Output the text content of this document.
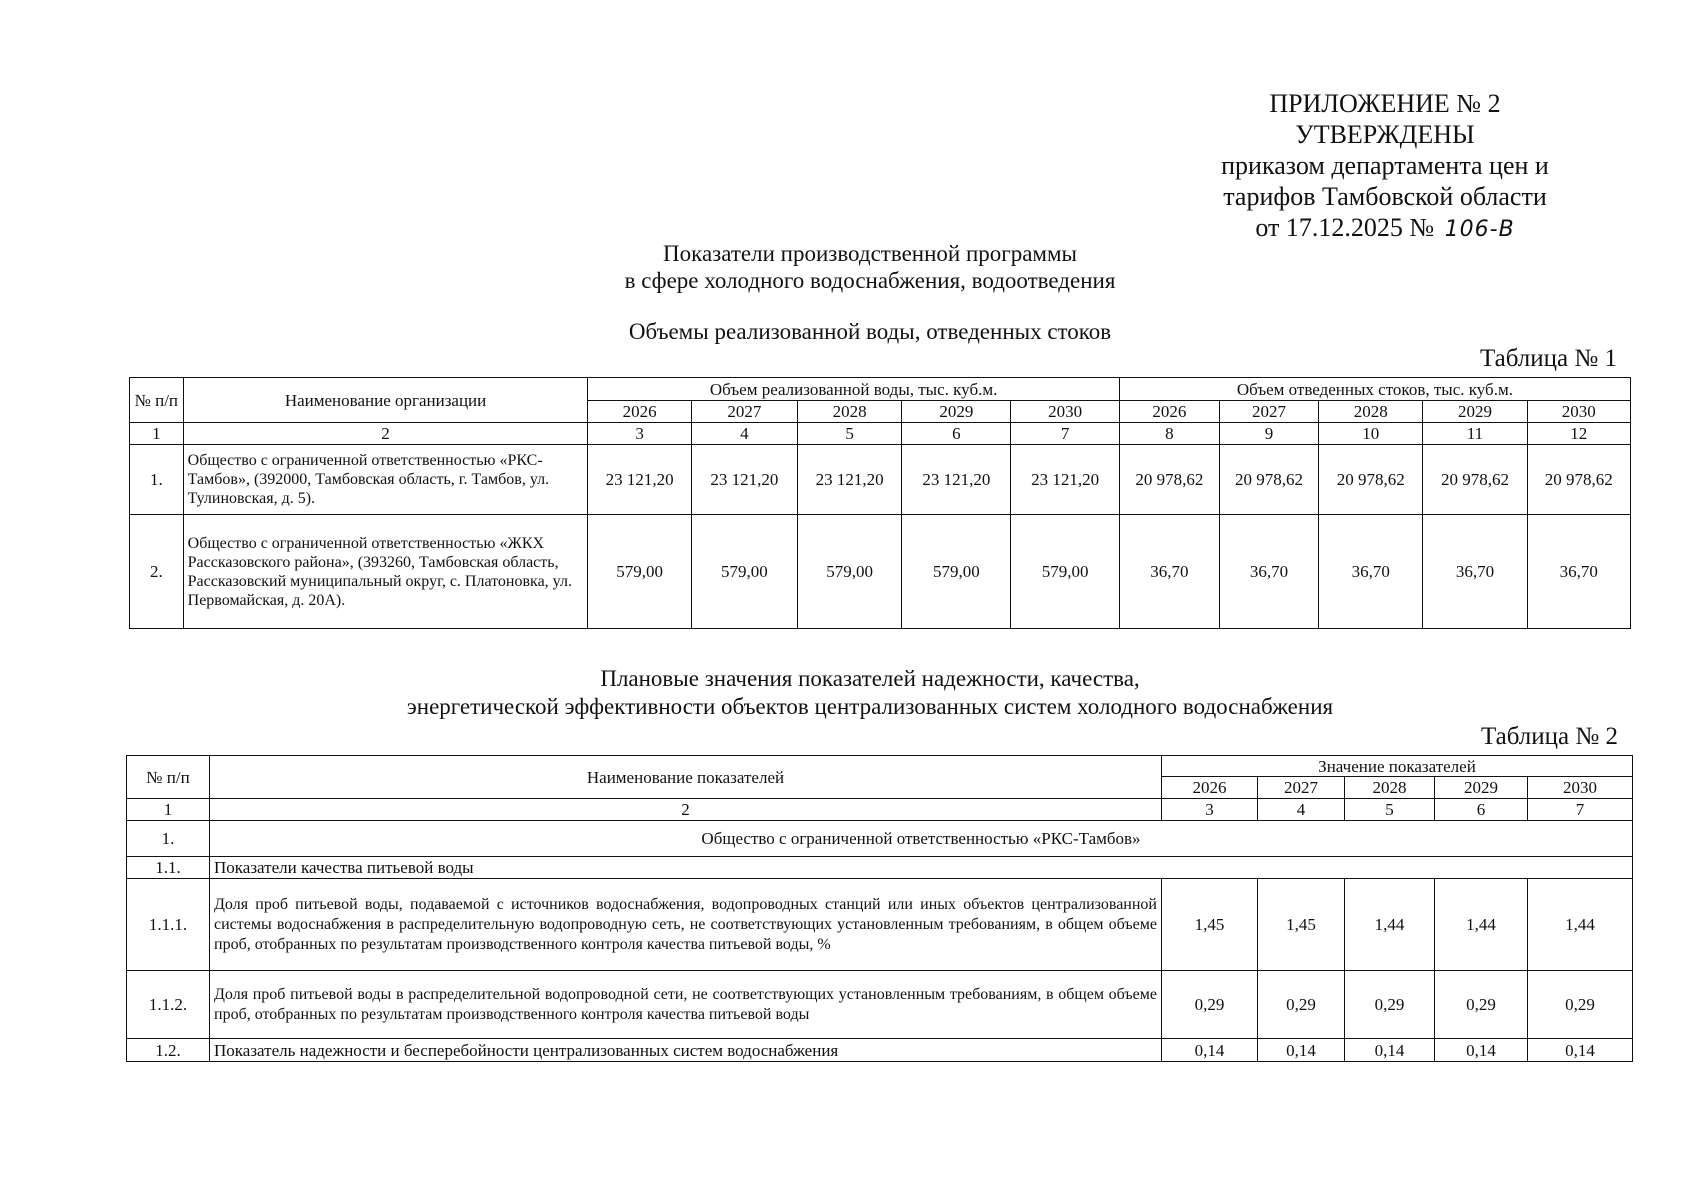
ПРИЛОЖЕНИЕ № 2
УТВЕРЖДЕНЫ
приказом департамента цен и
тарифов Тамбовской области
от 17.12.2025 № 106-В
Показатели производственной программы
в сфере холодного водоснабжения, водоотведения
Объемы реализованной воды, отведенных стоков
Таблица № 1
№ п/п	Наименование организации	Объем реализованной воды, тыс. куб.м.					Объем отведенных стоков, тыс. куб.м.				
		2026	2027	2028	2029	2030	2026	2027	2028	2029	2030
1	2	3	4	5	6	7	8	9	10	11	12
1.	Общество с ограниченной ответственностью «РКС-Тамбов», (392000, Тамбовская область, г. Тамбов, ул. Тулиновская, д. 5).	23 121,20	23 121,20	23 121,20	23 121,20	23 121,20	20 978,62	20 978,62	20 978,62	20 978,62	20 978,62
2.	Общество с ограниченной ответственностью «ЖКХ Рассказовского района», (393260, Тамбовская область, Рассказовский муниципальный округ, с. Платоновка, ул. Первомайская, д. 20А).	579,00	579,00	579,00	579,00	579,00	36,70	36,70	36,70	36,70	36,70
Плановые значения показателей надежности, качества,
энергетической эффективности объектов централизованных систем холодного водоснабжения
Таблица № 2
№ п/п	Наименование показателей	Значение показателей				
		2026	2027	2028	2029	2030
1	2	3	4	5	6	7
1.	Общество с ограниченной ответственностью «РКС-Тамбов»					
1.1.	Показатели качества питьевой воды					
1.1.1.	Доля проб питьевой воды, подаваемой с источников водоснабжения, водопроводных станций или иных объектов централизованной системы водоснабжения в распределительную водопроводную сеть, не соответствующих установленным требованиям, в общем объеме проб, отобранных по результатам производственного контроля качества питьевой воды, %	1,45	1,45	1,44	1,44	1,44
1.1.2.	Доля проб питьевой воды в распределительной водопроводной сети, не соответствующих установленным требованиям, в общем объеме проб, отобранных по результатам производственного контроля качества питьевой воды	0,29	0,29	0,29	0,29	0,29
1.2.	Показатель надежности и бесперебойности централизованных систем водоснабжения	0,14	0,14	0,14	0,14	0,14
